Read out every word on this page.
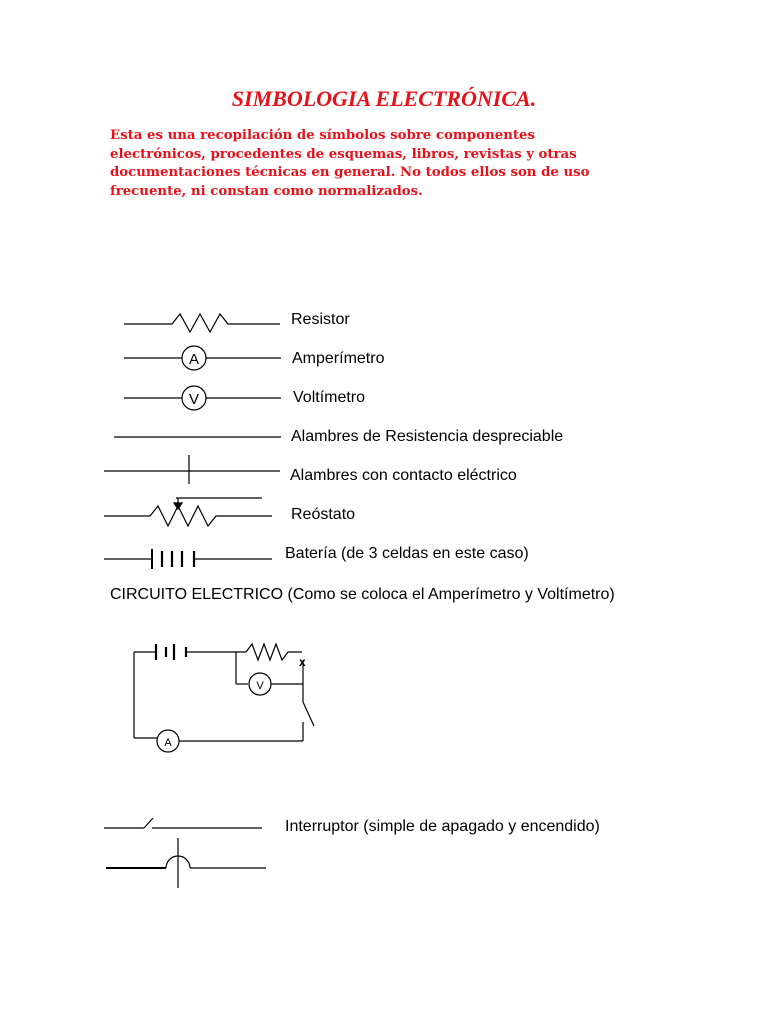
SIMBOLOGIA ELECTRÓNICA.
Esta es una recopilación de símbolos sobre componentes
electrónicos, procedentes de esquemas, libros, revistas y otras
documentaciones técnicas en general. No todos ellos son de uso
frecuente, ni constan como normalizados.
A
V
x
V
A
Resistor
Amperímetro
Voltímetro
Alambres de Resistencia despreciable
Alambres con contacto eléctrico
Reóstato
Batería (de 3 celdas en este caso)
CIRCUITO ELECTRICO (Como se coloca el Amperímetro y Voltímetro)
Interruptor (simple de apagado y encendido)
